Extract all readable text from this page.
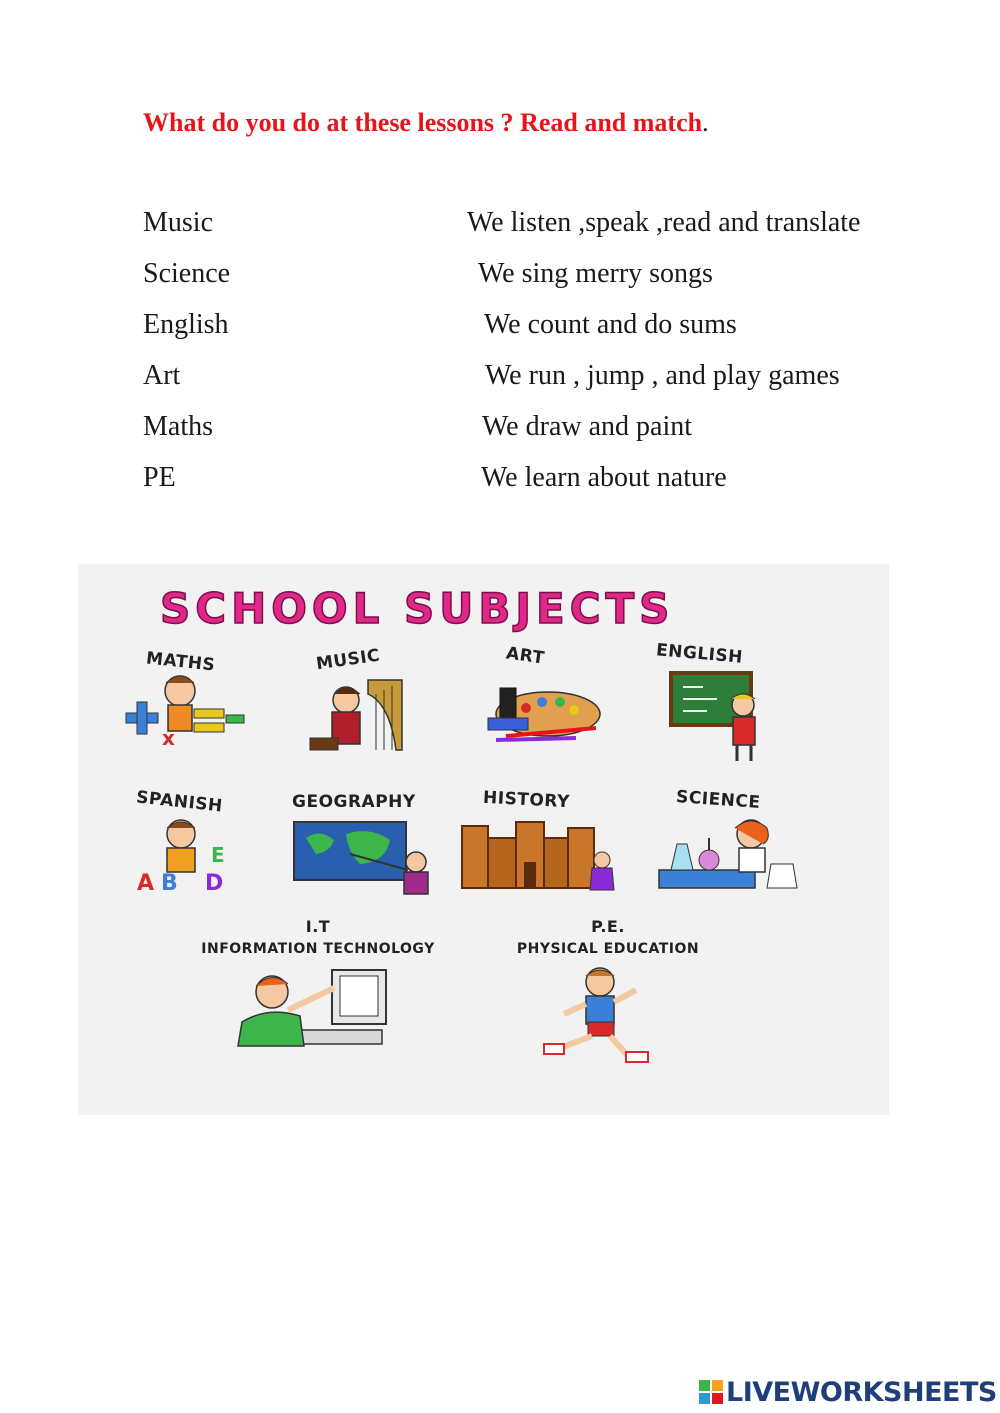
What do you do at these lessons ? Read and match.
Music	We listen ,speak ,read and translate
Science	We sing merry songs
English	We count and do sums
Art	We run , jump , and play games
Maths	We draw and paint
PE	We learn about nature
SCHOOL SUBJECTS
MATHS	MUSIC	ART	ENGLISH
x
SPANISH	GEOGRAPHY	HISTORY	SCIENCE
A B D
E
I.T
INFORMATION TECHNOLOGY
P.E.
PHYSICAL EDUCATION
LIVEWORKSHEETS
